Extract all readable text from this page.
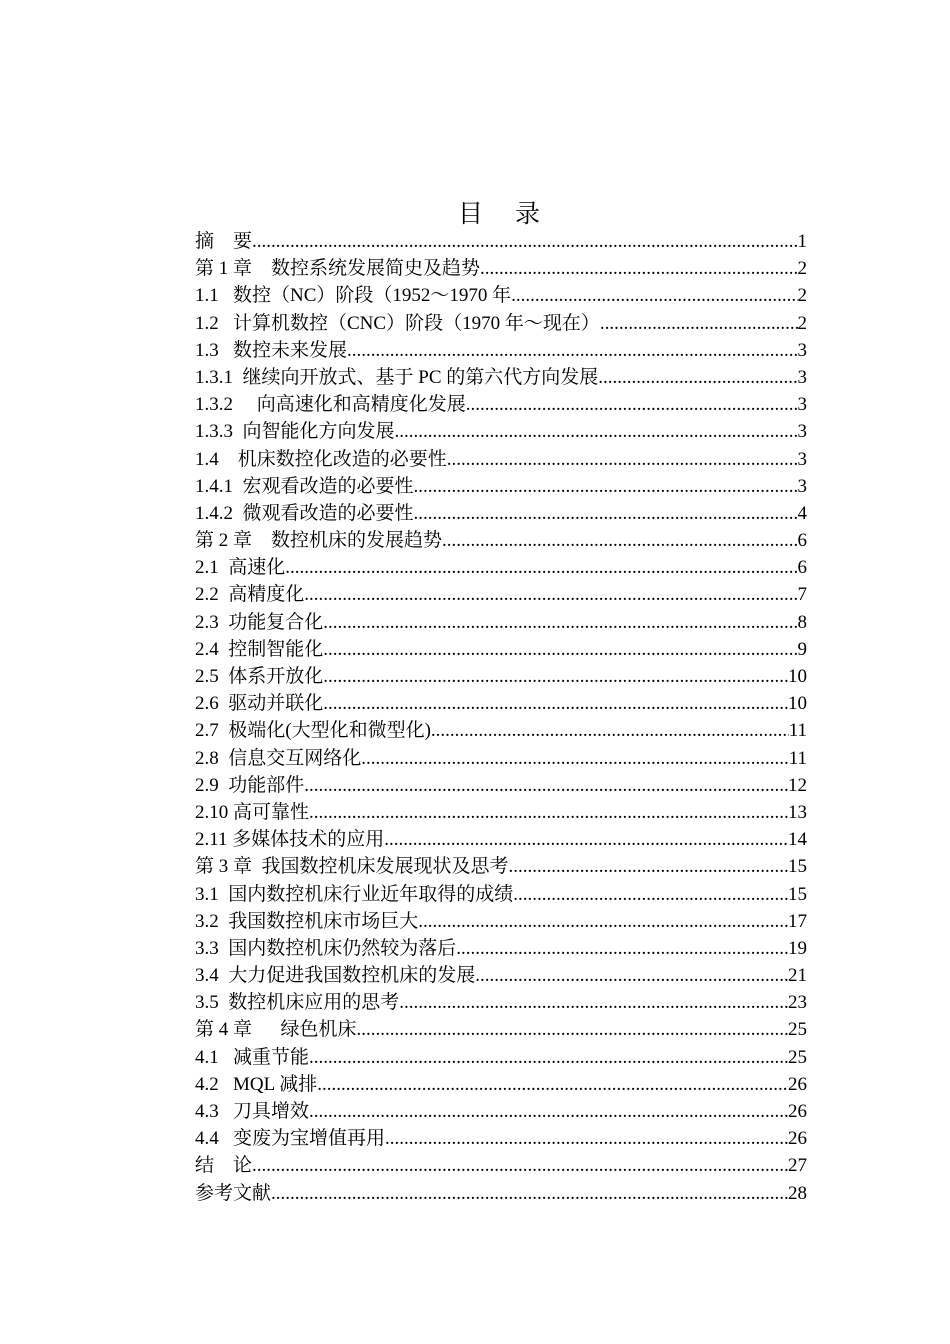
目 录
摘    要 .....	1
第 1 章    数控系统发展简史及趋势 .....	2
1.1   数控（NC）阶段（1952～1970 年 .....	2
1.2   计算机数控（CNC）阶段（1970 年～现在） .....	2
1.3   数控未来发展 .....	3
1.3.1  继续向开放式、基于 PC 的第六代方向发展 .....	3
1.3.2     向高速化和高精度化发展 .....	3
1.3.3  向智能化方向发展 .....	3
1.4    机床数控化改造的必要性 .....	3
1.4.1  宏观看改造的必要性 .....	3
1.4.2  微观看改造的必要性 .....	4
第 2 章    数控机床的发展趋势 .....	6
2.1  高速化 .....	6
2.2  高精度化 .....	7
2.3  功能复合化 .....	8
2.4  控制智能化 .....	9
2.5  体系开放化 .....	10
2.6  驱动并联化 .....	10
2.7  极端化(大型化和微型化) .....	11
2.8  信息交互网络化 .....	11
2.9  功能部件 .....	12
2.10 高可靠性 .....	13
2.11 多媒体技术的应用 .....	14
第 3 章  我国数控机床发展现状及思考 .....	15
3.1  国内数控机床行业近年取得的成绩 .....	15
3.2  我国数控机床市场巨大 .....	17
3.3  国内数控机床仍然较为落后 .....	19
3.4  大力促进我国数控机床的发展 .....	21
3.5  数控机床应用的思考 .....	23
第 4 章      绿色机床 .....	25
4.1   减重节能 .....	25
4.2   MQL 减排 .....	26
4.3   刀具增效 .....	26
4.4   变废为宝增值再用 .....	26
结    论 .....	27
参考文献 .....	28
